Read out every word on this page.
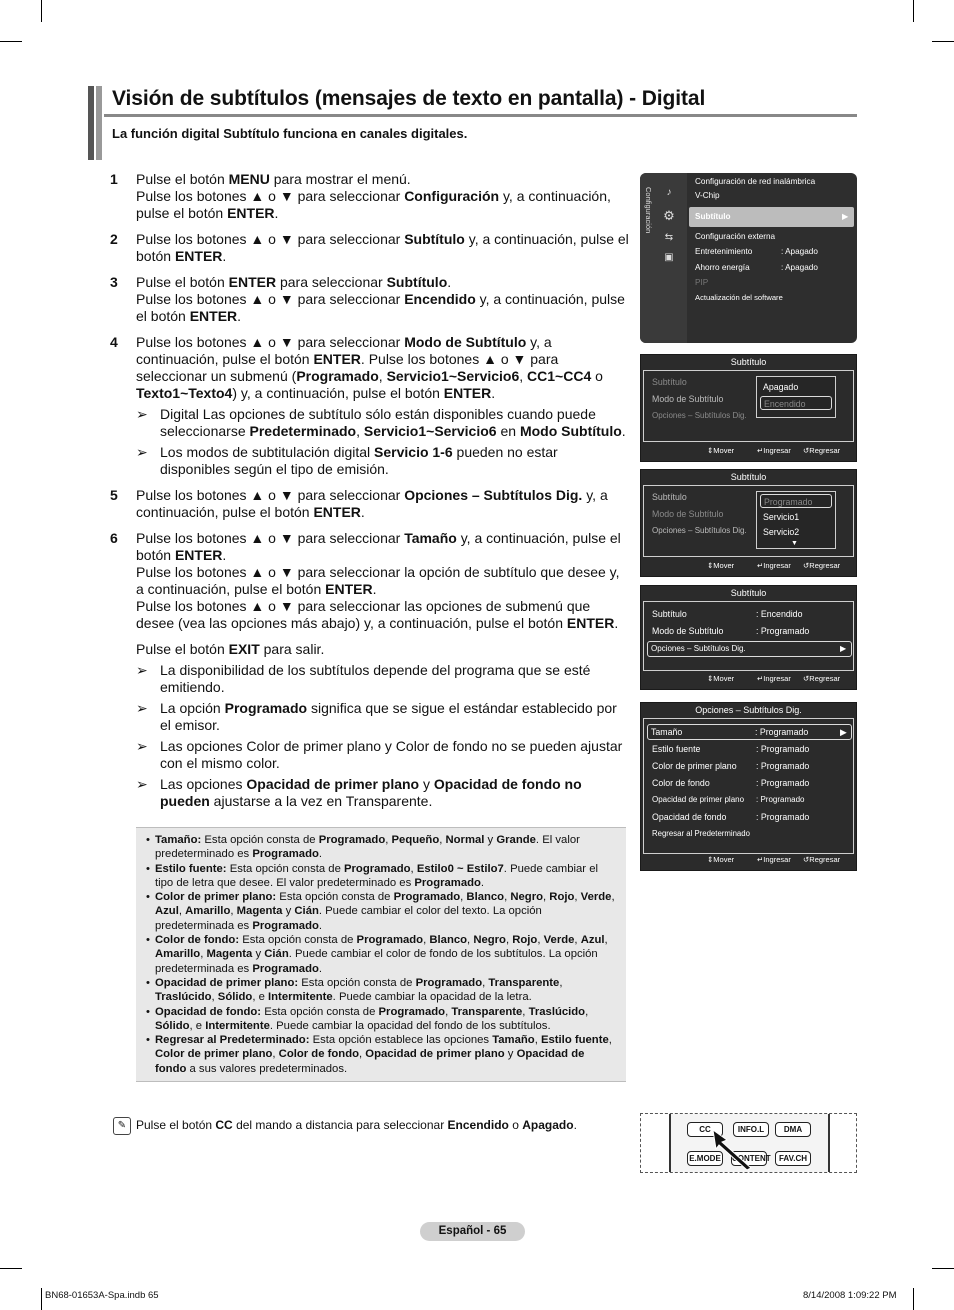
Visión de subtítulos (mensajes de texto en pantalla) - Digital
La función digital Subtítulo funciona en canales digitales.
1	Pulse el botón MENU para mostrar el menú.
Pulse los botones ▲ o ▼ para seleccionar Configuración y, a continuación, pulse el botón ENTER.
2	Pulse los botones ▲ o ▼ para seleccionar Subtítulo y, a continuación, pulse el botón ENTER.
3	Pulse el botón ENTER para seleccionar Subtítulo.
Pulse los botones ▲ o ▼ para seleccionar Encendido y, a continuación, pulse el botón ENTER.
4	Pulse los botones ▲ o ▼ para seleccionar Modo de Subtítulo y, a continuación, pulse el botón ENTER. Pulse los botones ▲ o ▼ para seleccionar un submenú (Programado, Servicio1~Servicio6, CC1~CC4 o Texto1~Texto4) y, a continuación, pulse el botón ENTER.
➢ Digital Las opciones de subtítulo sólo están disponibles cuando puede seleccionarse Predeterminado, Servicio1~Servicio6 en Modo Subtítulo.
➢ Los modos de subtitulación digital Servicio 1-6 pueden no estar disponibles según el tipo de emisión.
5	Pulse los botones ▲ o ▼ para seleccionar Opciones – Subtítulos Dig. y, a continuación, pulse el botón ENTER.
6	Pulse los botones ▲ o ▼ para seleccionar Tamaño y, a continuación, pulse el botón ENTER.
Pulse los botones ▲ o ▼ para seleccionar la opción de subtítulo que desee y, a continuación, pulse el botón ENTER.
Pulse los botones ▲ o ▼ para seleccionar las opciones de submenú que desee (vea las opciones más abajo) y, a continuación, pulse el botón ENTER.
Pulse el botón EXIT para salir.
➢ La disponibilidad de los subtítulos depende del programa que se esté emitiendo.
➢ La opción Programado significa que se sigue el estándar establecido por el emisor.
➢ Las opciones Color de primer plano y Color de fondo no se pueden ajustar con el mismo color.
➢ Las opciones Opacidad de primer plano y Opacidad de fondo no pueden ajustarse a la vez en Transparente.
• Tamaño: Esta opción consta de Programado, Pequeño, Normal y Grande. El valor predeterminado es Programado.
• Estilo fuente: Esta opción consta de Programado, Estilo0 ~ Estilo7. Puede cambiar el tipo de letra que desee. El valor predeterminado es Programado.
• Color de primer plano: Esta opción consta de Programado, Blanco, Negro, Rojo, Verde, Azul, Amarillo, Magenta y Cián. Puede cambiar el color del texto. La opción predeterminada es Programado.
• Color de fondo: Esta opción consta de Programado, Blanco, Negro, Rojo, Verde, Azul, Amarillo, Magenta y Cián. Puede cambiar el color de fondo de los subtítulos. La opción predeterminada es Programado.
• Opacidad de primer plano: Esta opción consta de Programado, Transparente, Traslúcido, Sólido, e Intermitente. Puede cambiar la opacidad de la letra.
• Opacidad de fondo: Esta opción consta de Programado, Transparente, Traslúcido, Sólido, e Intermitente. Puede cambiar la opacidad del fondo de los subtítulos.
• Regresar al Predeterminado: Esta opción establece las opciones Tamaño, Estilo fuente, Color de primer plano, Color de fondo, Opacidad de primer plano y Opacidad de fondo a sus valores predeterminados.
✎ Pulse el botón CC del mando a distancia para seleccionar Encendido o Apagado.	CC	INFO.L	DMA
E.MODE CONTENT	FAV.CH
Español - 65
BN68-01653A-Spa.indb 65	8/14/2008 1:09:22 PM
Configuración	♪
⚙
⇆
▣
Configuración de red inalámbrica
V-Chip
Subtítulo	▶
Configuración externa
Entretenimiento	: Apagado
Ahorro energía	: Apagado
PIP
Actualización del software
Subtítulo
Subtítulo
Modo de Subtítulo
Opciones – Subtítulos Dig.
Apagado
Encendido
⇕ Mover	↵ Ingresar ↺ Regresar
Subtítulo
Subtítulo
Modo de Subtítulo
Opciones – Subtítulos Dig.
Programado
Servicio1
Servicio2
▼
⇕ Mover	↵ Ingresar ↺ Regresar
Subtítulo
Subtítulo	: Encendido
Modo de Subtítulo	: Programado
Opciones – Subtítulos Dig.	▶
⇕ Mover	↵ Ingresar ↺ Regresar
Opciones – Subtítulos Dig.
Tamaño	: Programado	▶
Estilo fuente	: Programado
Color de primer plano : Programado
Color de fondo	: Programado
Opacidad de primer plano : Programado
Opacidad de fondo	: Programado
Regresar al Predeterminado
⇕ Mover	↵ Ingresar ↺ Regresar
